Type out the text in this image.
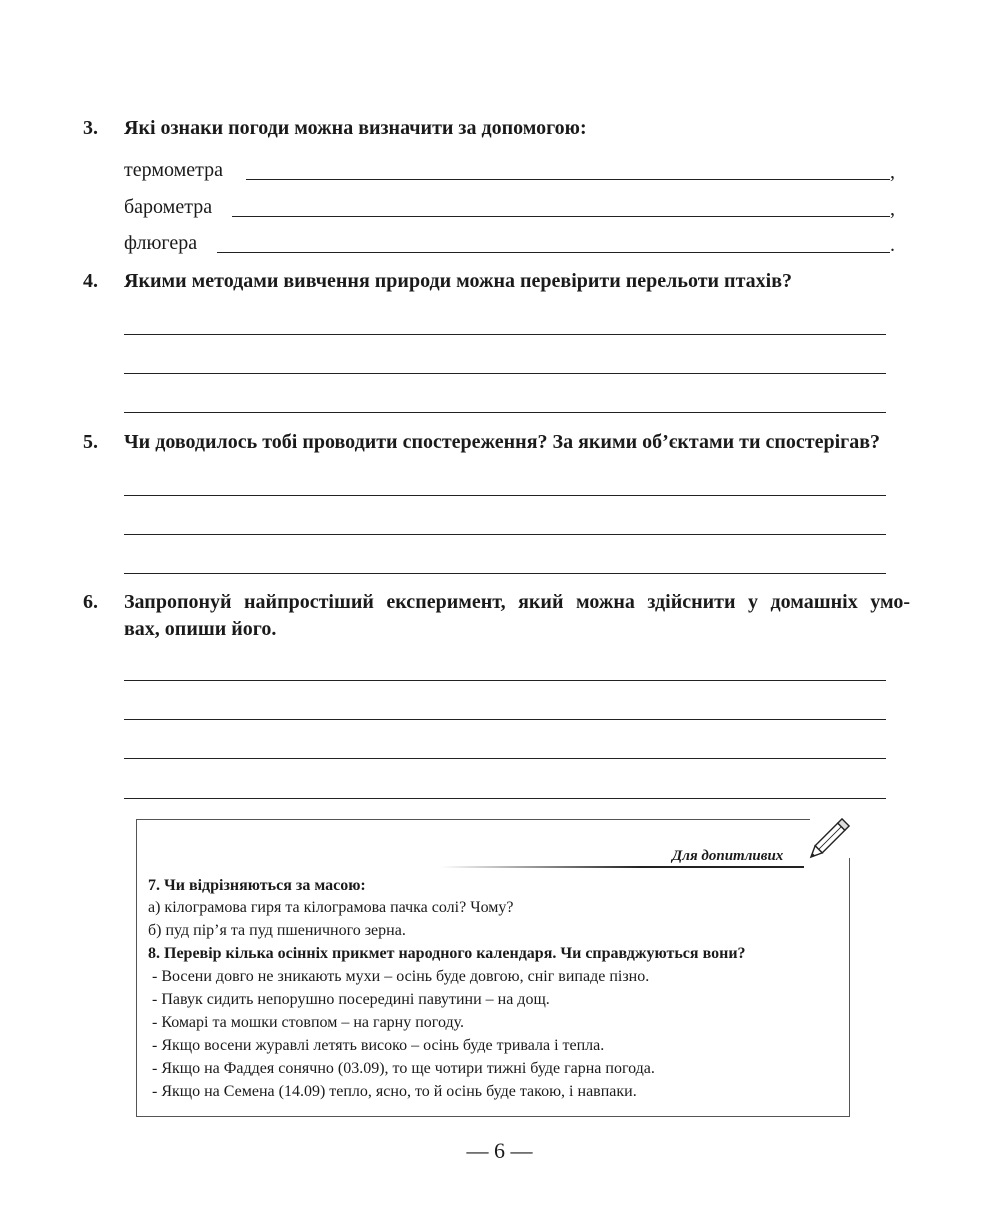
3. Які ознаки погоди можна визначити за допомогою:
термометра	,
барометра	,
флюгера	.
4. Якими методами вивчення природи можна перевірити перельоти птахів?
5. Чи доводилось тобі проводити спостереження? За якими об’єктами ти спостерігав?
6. Запропонуй найпростіший експеримент, який можна здійснити у домашніх умо-
вах, опиши його.
Для допитливих
7. Чи відрізняються за масою:
а) кілограмова гиря та кілограмова пачка солі? Чому?
б) пуд пір’я та пуд пшеничного зерна.
8. Перевір кілька осінніх прикмет народного календаря. Чи справджуються вони?
- Восени довго не зникають мухи – осінь буде довгою, сніг випаде пізно.
- Павук сидить непорушно посередині павутини – на дощ.
- Комарі та мошки стовпом – на гарну погоду.
- Якщо восени журавлі летять високо – осінь буде тривала і тепла.
- Якщо на Фаддея сонячно (03.09), то ще чотири тижні буде гарна погода.
- Якщо на Семена (14.09) тепло, ясно, то й осінь буде такою, і навпаки.
— 6 —
